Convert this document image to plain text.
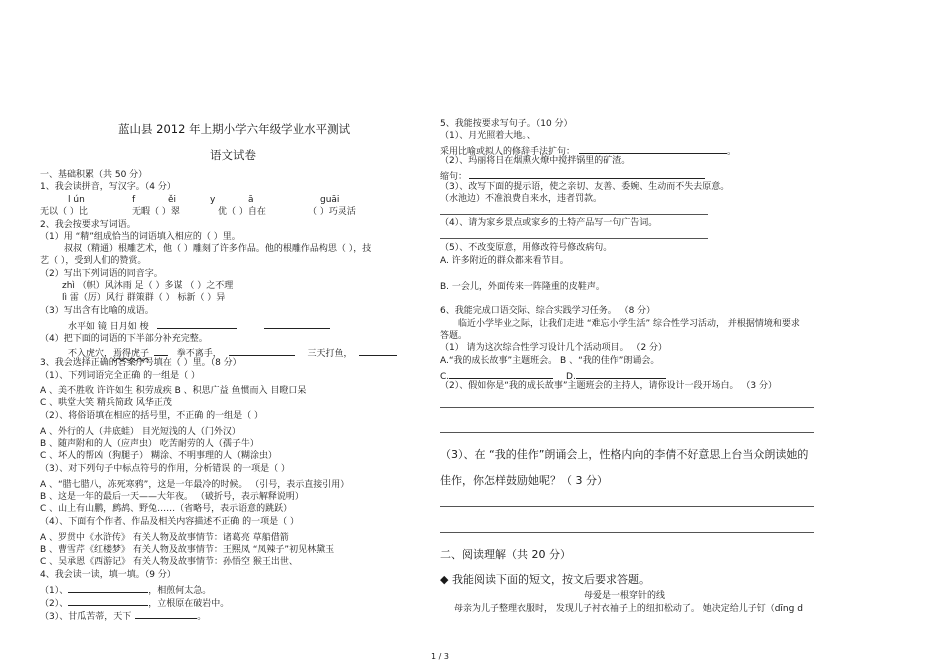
蓝山县 2012 年上期小学六年级学业水平测试
语文试卷
一、基础积累（共 50 分）
1、我会读拼音，写汉字。（4 分）
l ún	f	ěi	y	ā	guāi
无以（ ）比	无暇（ ）翠	优（ ）自在	（ ）巧灵活
2、我会按要求写词语。
（1）用 “精”组成恰当的词语填入相应的（ ）里。
叔叔（精通）根雕艺术，他（ ）雕刻了许多作品。他的根雕作品构思（ ），技
艺（ ），受到人们的赞赏。
（2）写出下列词语的同音字。
zhì （帜）风沐雨 足（ ）多谋 （ ）之不理
lì 雷（厉）风行 群策群（ ） 标新（ ）异
（3）写出含有比喻的成语。
水平如 镜 日月如 梭
（4）把下面的词语的下半部分补充完整。
不入虎穴，焉得虎子	拳不离手，	三天打鱼，
3、我会选择正确的答案序号填在（ ）里。（8 分）
（1）、下列词语完全正确 的一组是（ ）
A 、美不胜收 许许如生 积劳成疾 B 、积思广益 鱼惯而入 目瞪口呆
C 、哄堂大笑 精兵简政 风华正茂
（2）、将俗语填在相应的括号里，不正确 的一组是（ ）
A 、外行的人（井底蛙） 目光短浅的人（门外汉）
B 、随声附和的人（应声虫） 吃苦耐劳的人（孺子牛）
C 、坏人的帮凶（狗腿子） 糊涂、不明事理的人（糊涂虫）
（3）、对下列句子中标点符号的作用，分析错误 的一项是（ ）
A 、“腊七腊八，冻死寒鸦”，这是一年最冷的时候。 （引号，表示直接引用）
B 、这是一年的最后一天——大年夜。 （破折号，表示解释说明）
C 、山上有山鹏，鹧鸪、野兔……（省略号，表示语意的跳跃）
（4）、下面有个作者、作品及相关内容描述不正确 的一项是（ ）
A 、罗贯中《水浒传》 有关人物及故事情节：诸葛亮 草船借箭
B 、曹雪芹《红楼梦》 有关人物及故事情节：王熙凤 “凤辣子”初见林黛玉
C 、吴承恩《西游记》 有关人物及故事情节：孙悟空 猴王出世、
4、我会读一读，填一填。（9 分）
（1）、	，相煎何太急。
（2）、	，立根原在破岩中。
（3）、甘瓜苦蒂，天下	。
5、我能按要求写句子。（10 分）
（1）、月光照着大地。、
采用比喻或拟人的修辞手法扩句：	。
（2）、玛丽将日在烟熏火燎中搅拌锅里的矿渣。
缩句：
（3）、改写下面的提示语，使之亲切、友善、委婉、生动而不失去原意。
（水池边）不准浪费自来水，违者罚款。
（4）、请为家乡景点或家乡的土特产品写一句广告词。
（5）、不改变原意，用修改符号修改病句。
A. 许多附近的群众都来看节目。
B. 一会儿，外面传来一阵隆重的皮鞋声。
6、我能完成口语交际、综合实践学习任务。 （8 分）
临近小学毕业之际，让我们走进 “难忘小学生活” 综合性学习活动， 并根据情境和要求
答题。
（1） 请为这次综合性学习设计几个活动项目。 （2 分）
A.“我的成长故事”主题班会。 B 、“我的佳作”朗诵会。
C.	D.
（2）、假如你是“我的成长故事”主题班会的主持人，请你设计一段开场白。 （3 分）
（3）、在 “我的佳作”朗诵会上，性格内向的李倩不好意思上台当众朗读她的
佳作，你怎样鼓励她呢？（ 3 分）
二、阅读理解（共 20 分）
◆ 我能阅读下面的短文，按文后要求答题。
母爱是一根穿针的线
母亲为儿子整理衣服时， 发现儿子衬衣袖子上的纽扣松动了。 她决定给儿子钉（dīng d
1 / 3
